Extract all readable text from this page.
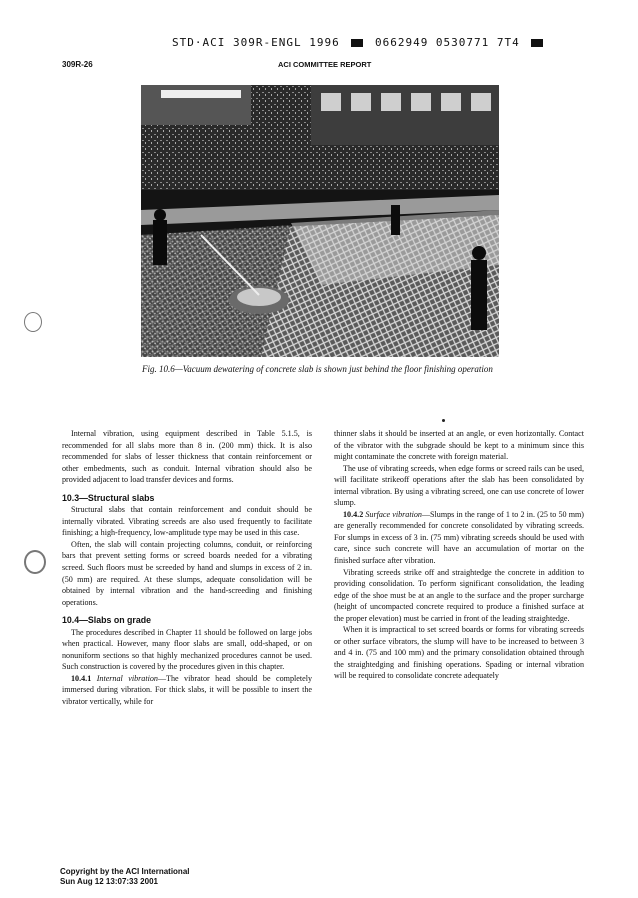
STD·ACI 309R-ENGL 1996	0662949 0530771 7T4
309R-26	ACI COMMITTEE REPORT
Fig. 10.6—Vacuum dewatering of concrete slab is shown just behind the floor finishing operation

Internal vibration, using equipment described in Table 5.1.5, is recommended for all slabs more than 8 in. (200 mm) thick. It is also recommended for slabs of lesser thickness that contain reinforcement or other embedments, such as conduit. Internal vibration should also be provided adjacent to load transfer devices and forms.

10.3—Structural slabs

Structural slabs that contain reinforcement and conduit should be internally vibrated. Vibrating screeds are also used frequently to facilitate finishing; a high-frequency, low-amplitude type may be used in this case.

Often, the slab will contain projecting columns, conduit, or reinforcing bars that prevent setting forms or screed boards needed for a vibrating screed. Such floors must be screeded by hand and slumps in excess of 2 in. (50 mm) are required. At these slumps, adequate consolidation will be obtained by internal vibration and the hand-screeding and finishing operations.

10.4—Slabs on grade

The procedures described in Chapter 11 should be followed on large jobs when practical. However, many floor slabs are small, odd-shaped, or on nonuniform sections so that highly mechanized procedures cannot be used. Such construction is covered by the procedures given in this chapter.

10.4.1 Internal vibration—The vibrator head should be completely immersed during vibration. For thick slabs, it will be possible to insert the vibrator vertically, while for

thinner slabs it should be inserted at an angle, or even horizontally. Contact of the vibrator with the subgrade should be kept to a minimum since this might contaminate the concrete with foreign material.

The use of vibrating screeds, when edge forms or screed rails can be used, will facilitate strikeoff operations after the slab has been consolidated by internal vibration. By using a vibrating screed, one can use concrete of lower slump.

10.4.2 Surface vibration—Slumps in the range of 1 to 2 in. (25 to 50 mm) are generally recommended for concrete consolidated by vibrating screeds. For slumps in excess of 3 in. (75 mm) vibrating screeds should be used with care, since such concrete will have an accumulation of mortar on the finished surface after vibration.

Vibrating screeds strike off and straightedge the concrete in addition to providing consolidation. To perform significant consolidation, the leading edge of the shoe must be at an angle to the surface and the proper surcharge (height of uncompacted concrete required to produce a finished surface at the proper elevation) must be carried in front of the leading straightedge.

When it is impractical to set screed boards or forms for vibrating screeds or other surface vibrators, the slump will have to be increased to between 3 and 4 in. (75 and 100 mm) and the primary consolidation obtained through the straightedging and finishing operations. Spading or internal vibration will be required to consolidate concrete adequately

Copyright by the ACI International
Sun Aug 12 13:07:33 2001
